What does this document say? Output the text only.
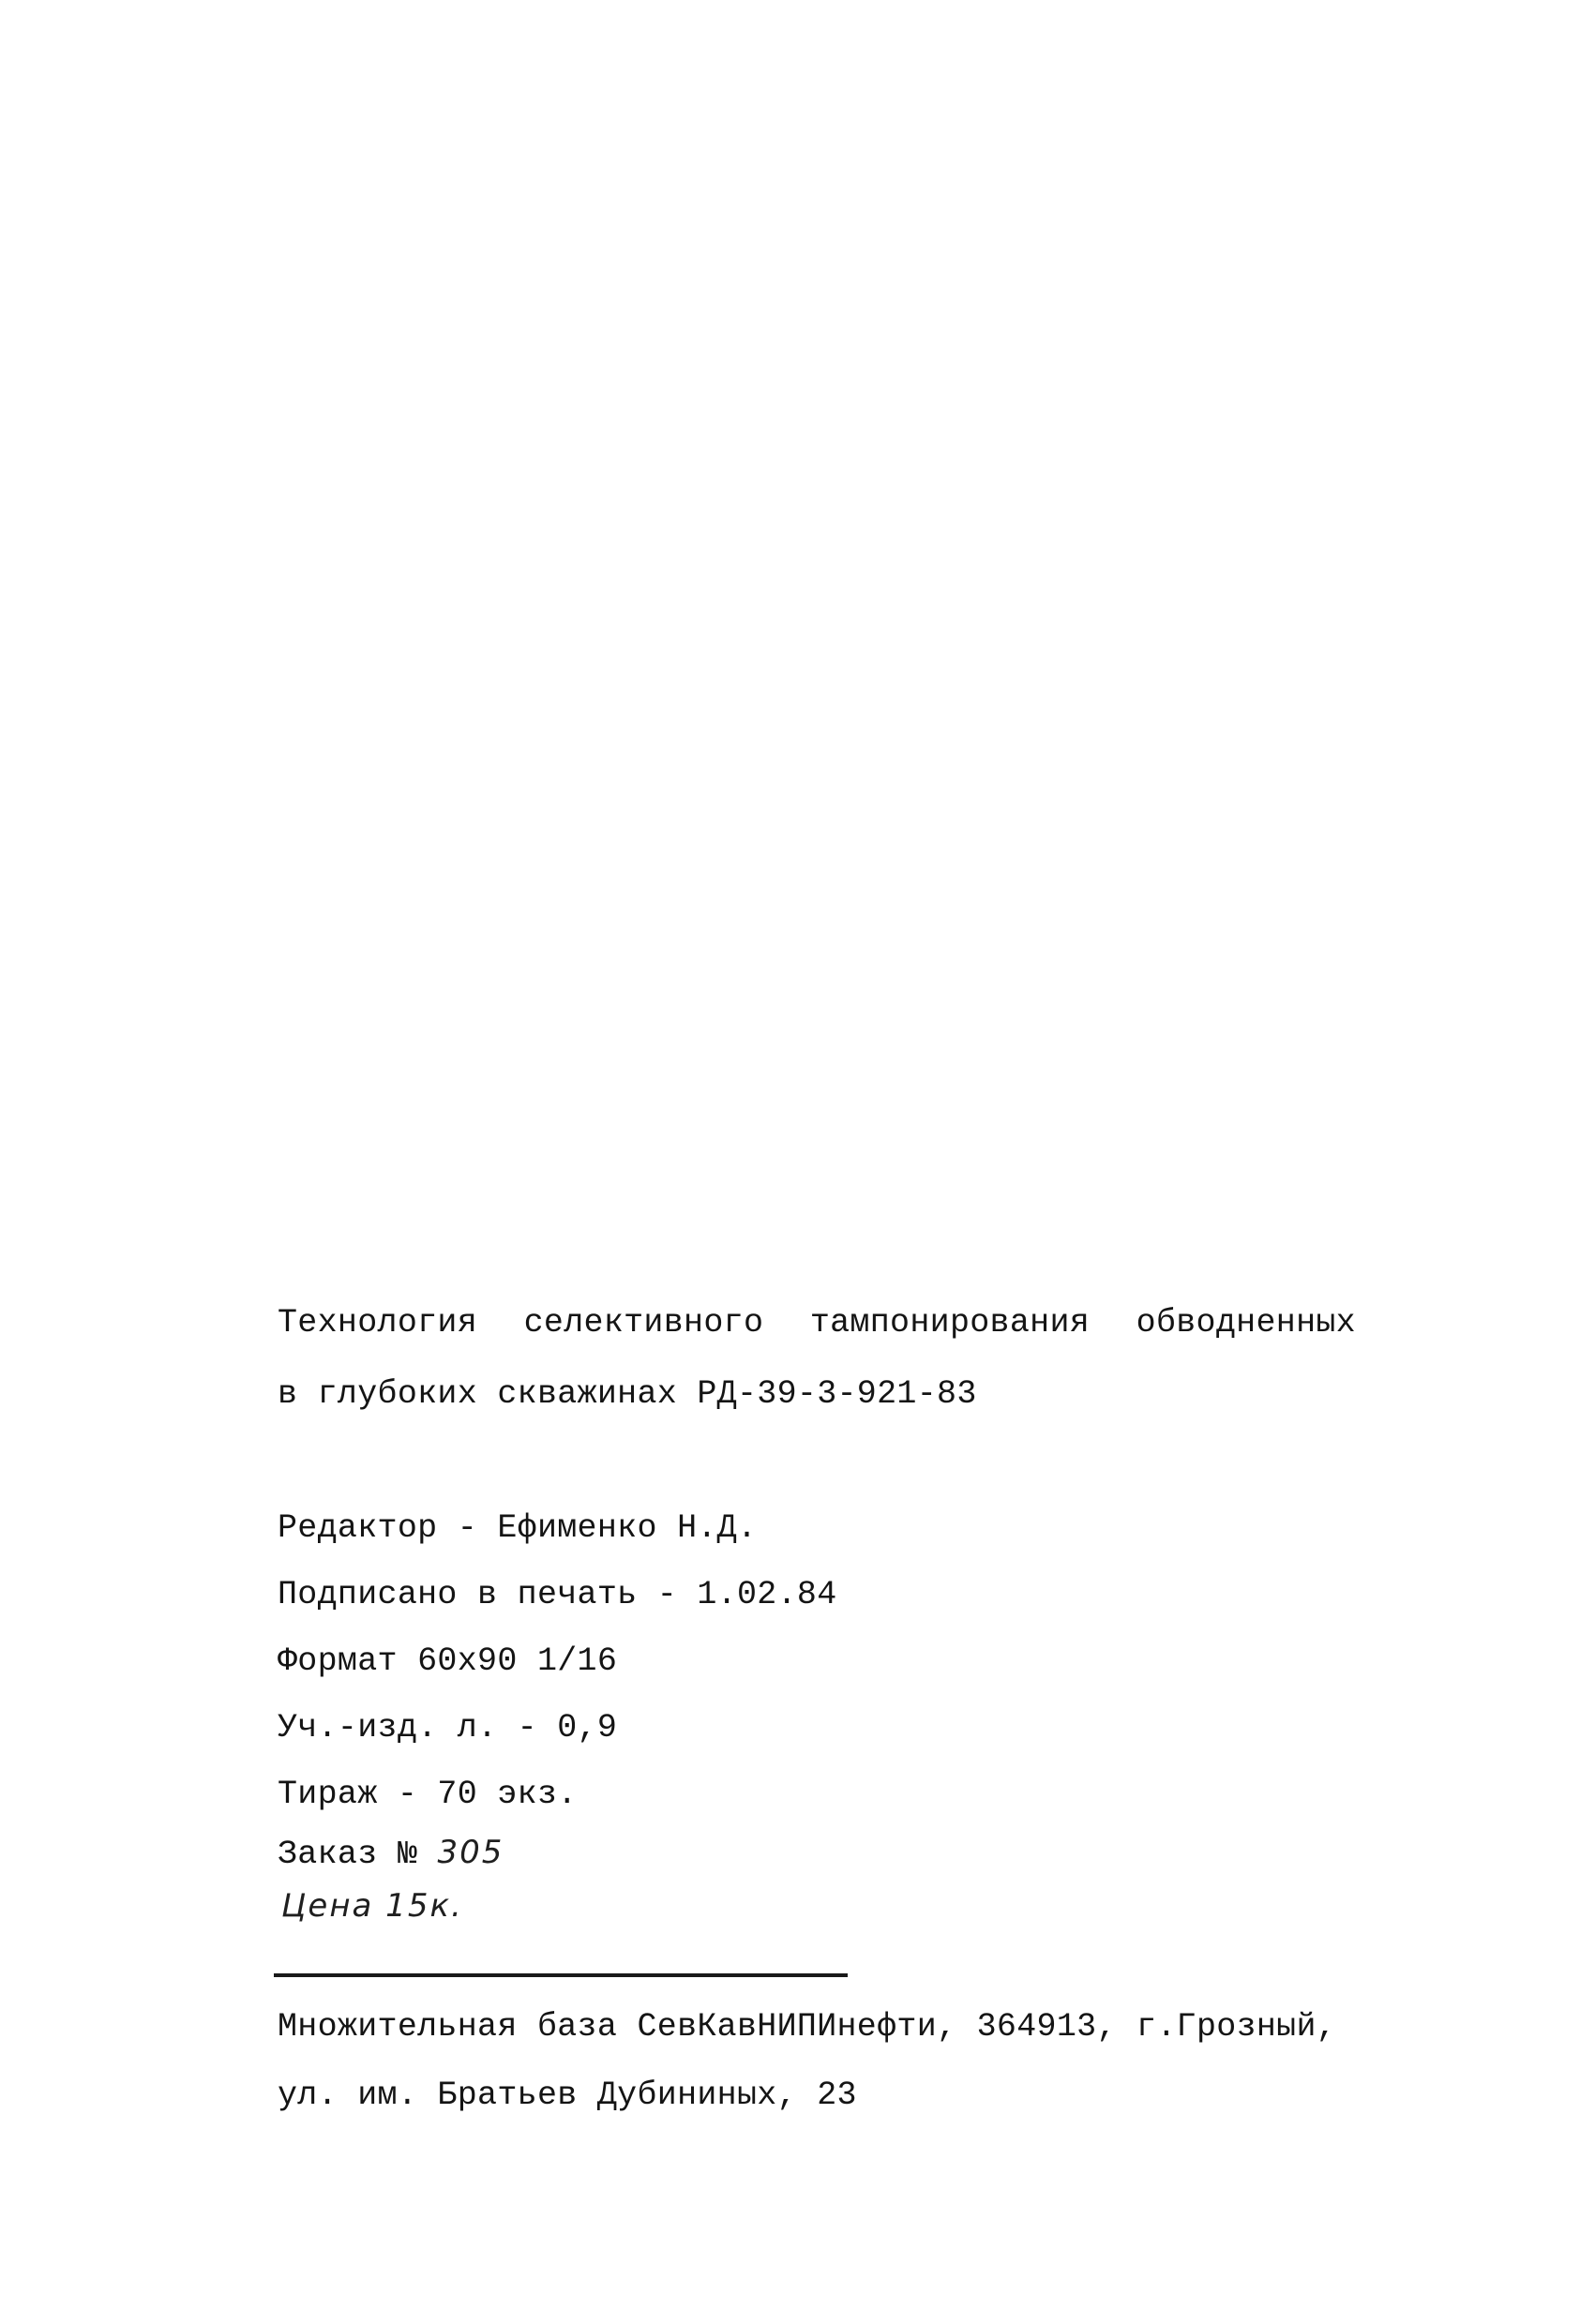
Технология селективного тампонирования обводненных
в глубоких скважинах РД-39-3-921-83
Редактор - Ефименко Н.Д.
Подписано в печать - 1.02.84
Формат 60х90 1/16
Уч.-изд. л. - 0,9
Тираж - 70 экз.
Заказ № 305
Цена 15к.
Множительная база СевКавНИПИнефти, 364913, г.Грозный,
ул. им. Братьев Дубининых, 23
